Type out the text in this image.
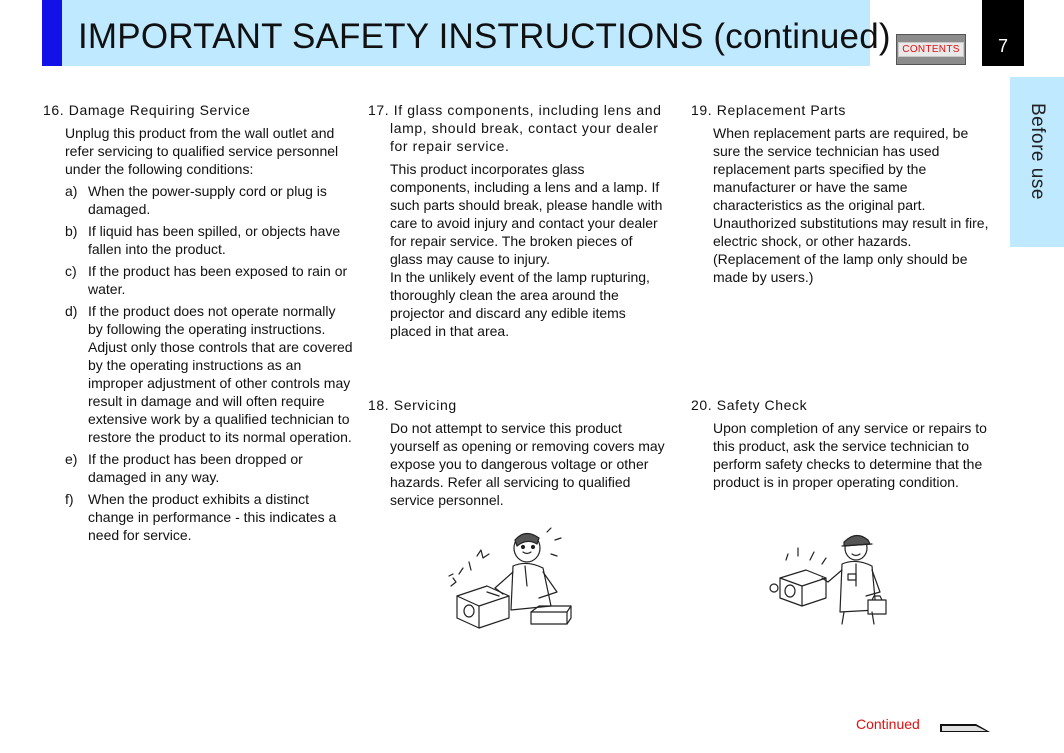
IMPORTANT SAFETY INSTRUCTIONS (continued)	CONTENTS	7
Before use
16. Damage Requiring Service

Unplug this product from the wall outlet and refer servicing to qualified service personnel under the following conditions:

a) When the power-supply cord or plug is damaged.
b) If liquid has been spilled, or objects have fallen into the product.
c) If the product has been exposed to rain or water.
d) If the product does not operate normally by following the operating instructions. Adjust only those controls that are covered by the operating instructions as an improper adjustment of other controls may result in damage and will often require extensive work by a qualified technician to restore the product to its normal operation.
e) If the product has been dropped or damaged in any way.
f)	When the product exhibits a distinct change in performance - this indicates a need for service.
17. If glass components, including lens and lamp, should break, contact your dealer for repair service.

This product incorporates glass components, including a lens and a lamp. If such parts should break, please handle with care to avoid injury and contact your dealer for repair service. The broken pieces of glass may cause to injury.

In the unlikely event of the lamp rupturing, thoroughly clean the area around the projector and discard any edible items placed in that area.

19. Replacement Parts

When replacement parts are required, be sure the service technician has used replacement parts specified by the manufacturer or have the same characteristics as the original part. Unauthorized substitutions may result in fire, electric shock, or other hazards. (Replacement of the lamp only should be made by users.)

18. Servicing

Do not attempt to service this product yourself as opening or removing covers may expose you to dangerous voltage or other hazards. Refer all servicing to qualified service personnel.

20. Safety Check

Upon completion of any service or repairs to this product, ask the service technician to perform safety checks to determine that the product is in proper operating condition.

Continued
